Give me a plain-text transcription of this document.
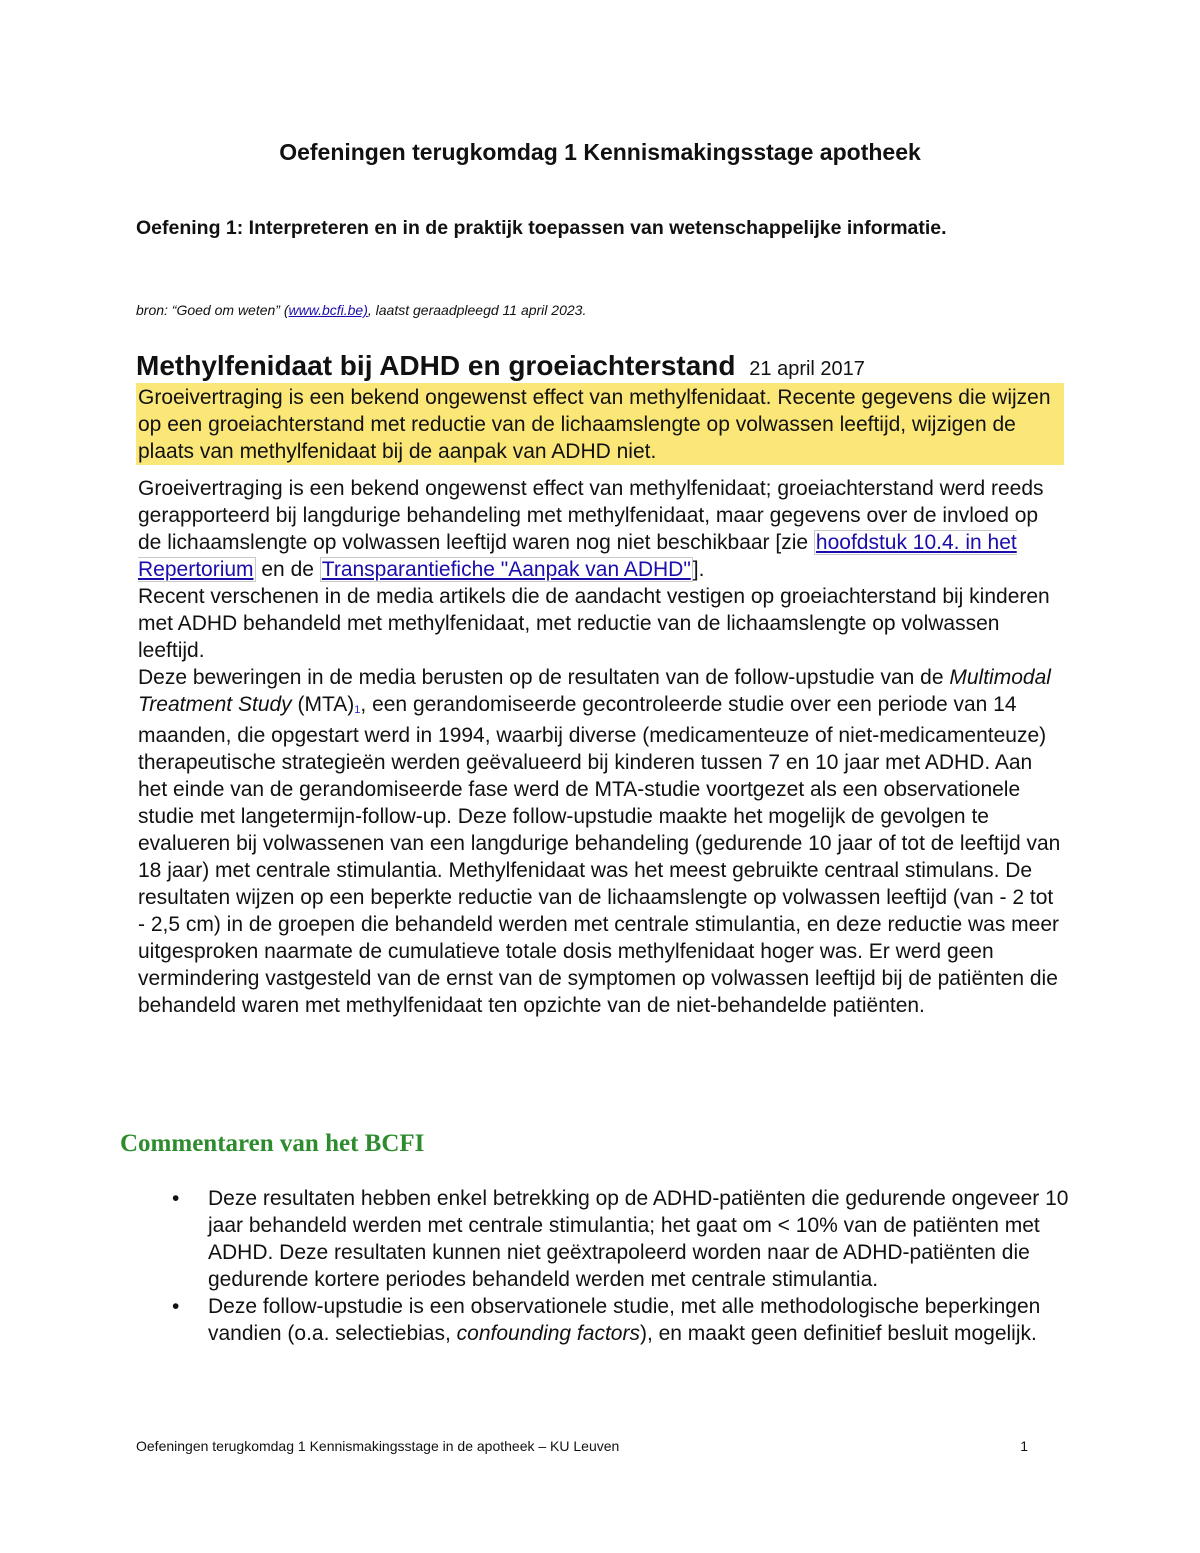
Oefeningen terugkomdag 1 Kennismakingsstage apotheek
Oefening 1: Interpreteren en in de praktijk toepassen van wetenschappelijke informatie.
bron: “Goed om weten” (www.bcfi.be), laatst geraadpleegd 11 april 2023.
Methylfenidaat bij ADHD en groeiachterstand 21 april 2017
Groeivertraging is een bekend ongewenst effect van methylfenidaat. Recente gegevens die wijzen op een groeiachterstand met reductie van de lichaamslengte op volwassen leeftijd, wijzigen de plaats van methylfenidaat bij de aanpak van ADHD niet.

Groeivertraging is een bekend ongewenst effect van methylfenidaat; groeiachterstand werd reeds gerapporteerd bij langdurige behandeling met methylfenidaat, maar gegevens over de invloed op de lichaamslengte op volwassen leeftijd waren nog niet beschikbaar [zie hoofdstuk 10.4. in het Repertorium en de Transparantiefiche "Aanpak van ADHD"].

Recent verschenen in de media artikels die de aandacht vestigen op groeiachterstand bij kinderen met ADHD behandeld met methylfenidaat, met reductie van de lichaamslengte op volwassen leeftijd.

Deze beweringen in de media berusten op de resultaten van de follow-upstudie van de Multimodal Treatment Study (MTA)1, een gerandomiseerde gecontroleerde studie over een periode van 14 maanden, die opgestart werd in 1994, waarbij diverse (medicamenteuze of niet-medicamenteuze) therapeutische strategieën werden geëvalueerd bij kinderen tussen 7 en 10 jaar met ADHD. Aan het einde van de gerandomiseerde fase werd de MTA-studie voortgezet als een observationele studie met langetermijn-follow-up. Deze follow-upstudie maakte het mogelijk de gevolgen te evalueren bij volwassenen van een langdurige behandeling (gedurende 10 jaar of tot de leeftijd van 18 jaar) met centrale stimulantia. Methylfenidaat was het meest gebruikte centraal stimulans. De resultaten wijzen op een beperkte reductie van de lichaamslengte op volwassen leeftijd (van - 2 tot - 2,5 cm) in de groepen die behandeld werden met centrale stimulantia, en deze reductie was meer uitgesproken naarmate de cumulatieve totale dosis methylfenidaat hoger was. Er werd geen vermindering vastgesteld van de ernst van de symptomen op volwassen leeftijd bij de patiënten die behandeld waren met methylfenidaat ten opzichte van de niet-behandelde patiënten.

Commentaren van het BCFI
• Deze resultaten hebben enkel betrekking op de ADHD-patiënten die gedurende ongeveer 10 jaar behandeld werden met centrale stimulantia; het gaat om < 10% van de patiënten met ADHD. Deze resultaten kunnen niet geëxtrapoleerd worden naar de ADHD-patiënten die gedurende kortere periodes behandeld werden met centrale stimulantia.
• Deze follow-upstudie is een observationele studie, met alle methodologische beperkingen vandien (o.a. selectiebias, confounding factors), en maakt geen definitief besluit mogelijk.
Oefeningen terugkomdag 1 Kennismakingsstage in de apotheek – KU Leuven	1
